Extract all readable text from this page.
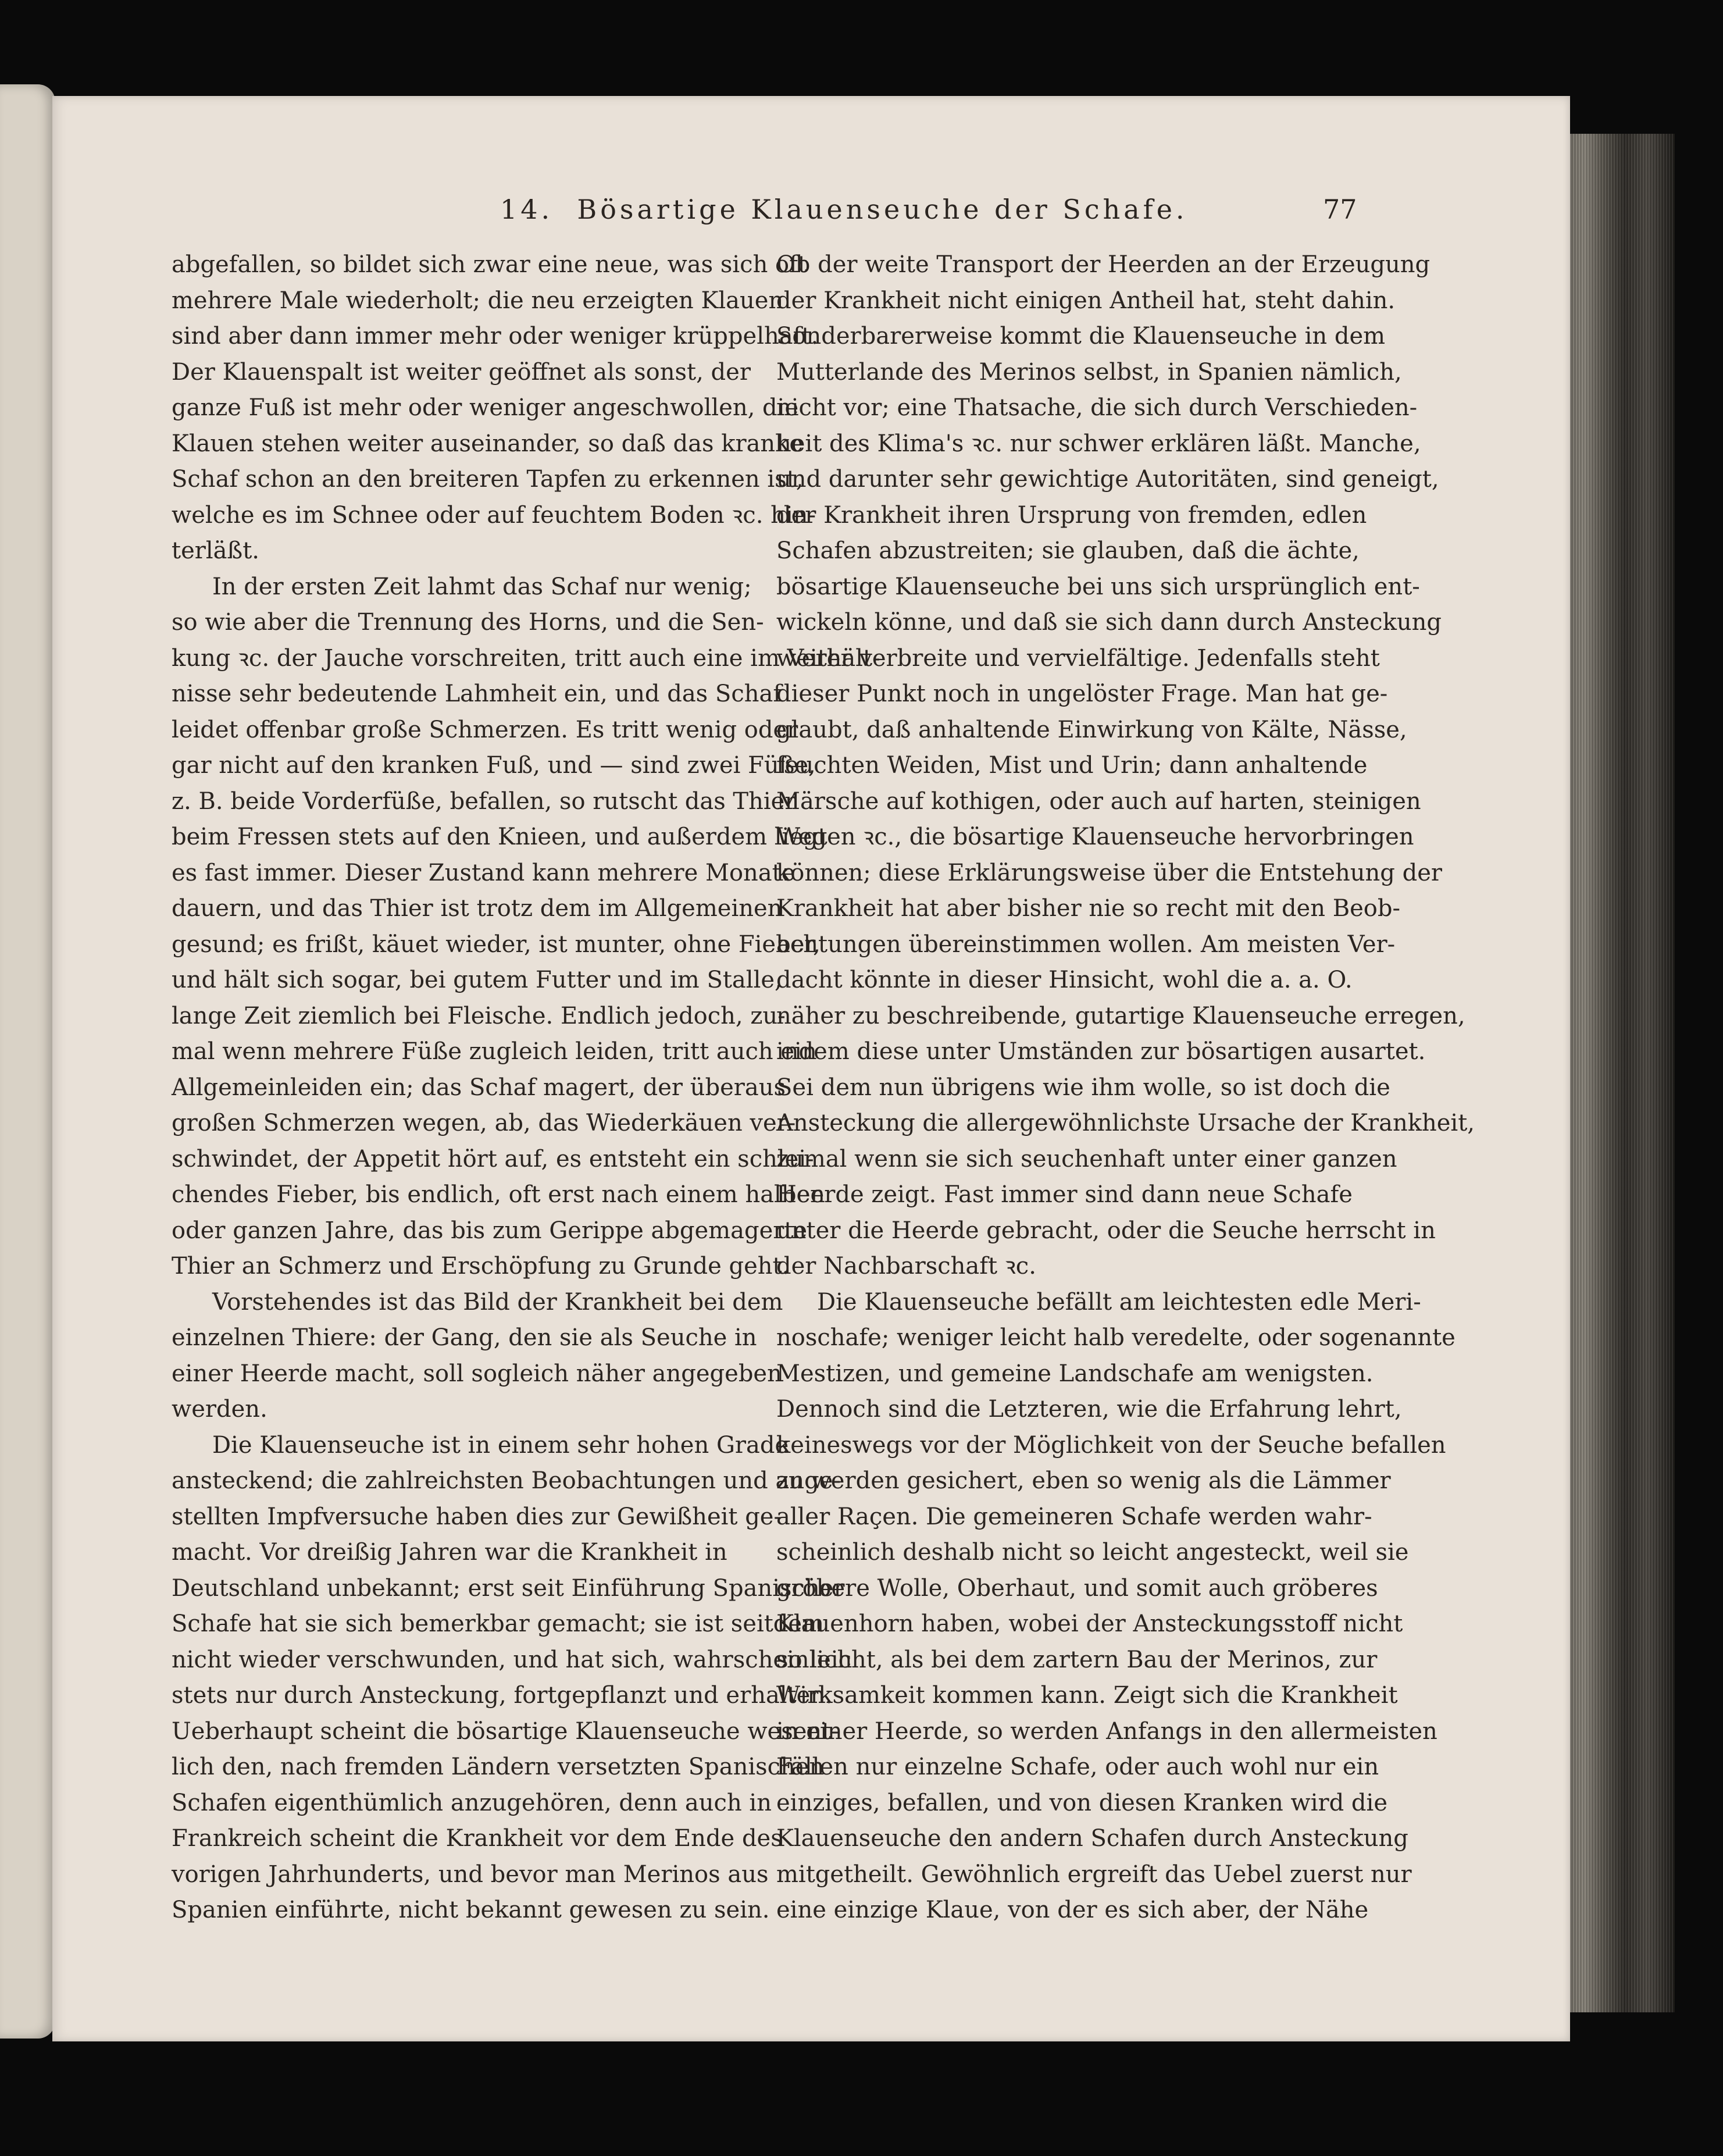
14. Bösartige Klauenseuche der Schafe.	77
abgefallen, so bildet sich zwar eine neue, was sich oft
mehrere Male wiederholt; die neu erzeigten Klauen
sind aber dann immer mehr oder weniger krüppelhaft.
Der Klauenspalt ist weiter geöffnet als sonst, der
ganze Fuß ist mehr oder weniger angeschwollen, die
Klauen stehen weiter auseinander, so daß das kranke
Schaf schon an den breiteren Tapfen zu erkennen ist,
welche es im Schnee oder auf feuchtem Boden ꝛc. hin-
terläßt.
In der ersten Zeit lahmt das Schaf nur wenig;
so wie aber die Trennung des Horns, und die Sen-
kung ꝛc. der Jauche vorschreiten, tritt auch eine im Verhält-
nisse sehr bedeutende Lahmheit ein, und das Schaf
leidet offenbar große Schmerzen. Es tritt wenig oder
gar nicht auf den kranken Fuß, und — sind zwei Füße,
z. B. beide Vorderfüße, befallen, so rutscht das Thier
beim Fressen stets auf den Knieen, und außerdem liegt
es fast immer. Dieser Zustand kann mehrere Monate
dauern, und das Thier ist trotz dem im Allgemeinen
gesund; es frißt, käuet wieder, ist munter, ohne Fieber,
und hält sich sogar, bei gutem Futter und im Stalle,
lange Zeit ziemlich bei Fleische. Endlich jedoch, zu-
mal wenn mehrere Füße zugleich leiden, tritt auch ein
Allgemeinleiden ein; das Schaf magert, der überaus
großen Schmerzen wegen, ab, das Wiederkäuen ver-
schwindet, der Appetit hört auf, es entsteht ein schlei-
chendes Fieber, bis endlich, oft erst nach einem halben
oder ganzen Jahre, das bis zum Gerippe abgemagerte
Thier an Schmerz und Erschöpfung zu Grunde geht.
Vorstehendes ist das Bild der Krankheit bei dem
einzelnen Thiere: der Gang, den sie als Seuche in
einer Heerde macht, soll sogleich näher angegeben
werden.
Die Klauenseuche ist in einem sehr hohen Grade
ansteckend; die zahlreichsten Beobachtungen und ange-
stellten Impfversuche haben dies zur Gewißheit ge-
macht. Vor dreißig Jahren war die Krankheit in
Deutschland unbekannt; erst seit Einführung Spanischer
Schafe hat sie sich bemerkbar gemacht; sie ist seitdem
nicht wieder verschwunden, und hat sich, wahrscheinlich
stets nur durch Ansteckung, fortgepflanzt und erhalten.
Ueberhaupt scheint die bösartige Klauenseuche wesent-
lich den, nach fremden Ländern versetzten Spanischen
Schafen eigenthümlich anzugehören, denn auch in
Frankreich scheint die Krankheit vor dem Ende des
vorigen Jahrhunderts, und bevor man Merinos aus
Spanien einführte, nicht bekannt gewesen zu sein.
Ob der weite Transport der Heerden an der Erzeugung
der Krankheit nicht einigen Antheil hat, steht dahin.
Sonderbarerweise kommt die Klauenseuche in dem
Mutterlande des Merinos selbst, in Spanien nämlich,
nicht vor; eine Thatsache, die sich durch Verschieden-
heit des Klima's ꝛc. nur schwer erklären läßt. Manche,
und darunter sehr gewichtige Autoritäten, sind geneigt,
der Krankheit ihren Ursprung von fremden, edlen
Schafen abzustreiten; sie glauben, daß die ächte,
bösartige Klauenseuche bei uns sich ursprünglich ent-
wickeln könne, und daß sie sich dann durch Ansteckung
weiter verbreite und vervielfältige. Jedenfalls steht
dieser Punkt noch in ungelöster Frage. Man hat ge-
glaubt, daß anhaltende Einwirkung von Kälte, Nässe,
feuchten Weiden, Mist und Urin; dann anhaltende
Märsche auf kothigen, oder auch auf harten, steinigen
Wegen ꝛc., die bösartige Klauenseuche hervorbringen
können; diese Erklärungsweise über die Entstehung der
Krankheit hat aber bisher nie so recht mit den Beob-
achtungen übereinstimmen wollen. Am meisten Ver-
dacht könnte in dieser Hinsicht, wohl die a. a. O.
näher zu beschreibende, gutartige Klauenseuche erregen,
indem diese unter Umständen zur bösartigen ausartet.
Sei dem nun übrigens wie ihm wolle, so ist doch die
Ansteckung die allergewöhnlichste Ursache der Krankheit,
zumal wenn sie sich seuchenhaft unter einer ganzen
Heerde zeigt. Fast immer sind dann neue Schafe
unter die Heerde gebracht, oder die Seuche herrscht in
der Nachbarschaft ꝛc.
Die Klauenseuche befällt am leichtesten edle Meri-
noschafe; weniger leicht halb veredelte, oder sogenannte
Mestizen, und gemeine Landschafe am wenigsten.
Dennoch sind die Letzteren, wie die Erfahrung lehrt,
keineswegs vor der Möglichkeit von der Seuche befallen
zu werden gesichert, eben so wenig als die Lämmer
aller Raçen. Die gemeineren Schafe werden wahr-
scheinlich deshalb nicht so leicht angesteckt, weil sie
gröbere Wolle, Oberhaut, und somit auch gröberes
Klauenhorn haben, wobei der Ansteckungsstoff nicht
so leicht, als bei dem zartern Bau der Merinos, zur
Wirksamkeit kommen kann. Zeigt sich die Krankheit
in einer Heerde, so werden Anfangs in den allermeisten
Fällen nur einzelne Schafe, oder auch wohl nur ein
einziges, befallen, und von diesen Kranken wird die
Klauenseuche den andern Schafen durch Ansteckung
mitgetheilt. Gewöhnlich ergreift das Uebel zuerst nur
eine einzige Klaue, von der es sich aber, der Nähe
